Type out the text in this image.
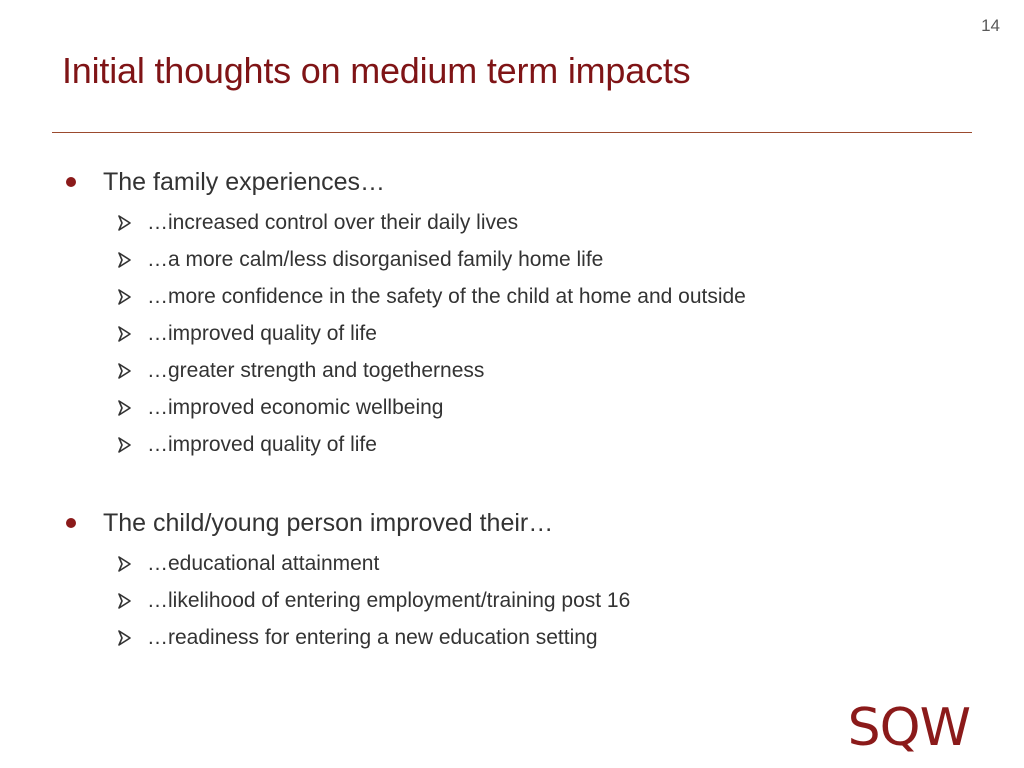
14
Initial thoughts on medium term impacts
The family experiences…
…increased control over their daily lives
…a more calm/less disorganised family home life
…more confidence in the safety of the child at home and outside
…improved quality of life
…greater strength and togetherness
…improved economic wellbeing
…improved quality of life
The child/young person improved their…
…educational attainment
…likelihood of entering employment/training post 16
…readiness for entering a new education setting
SQW
